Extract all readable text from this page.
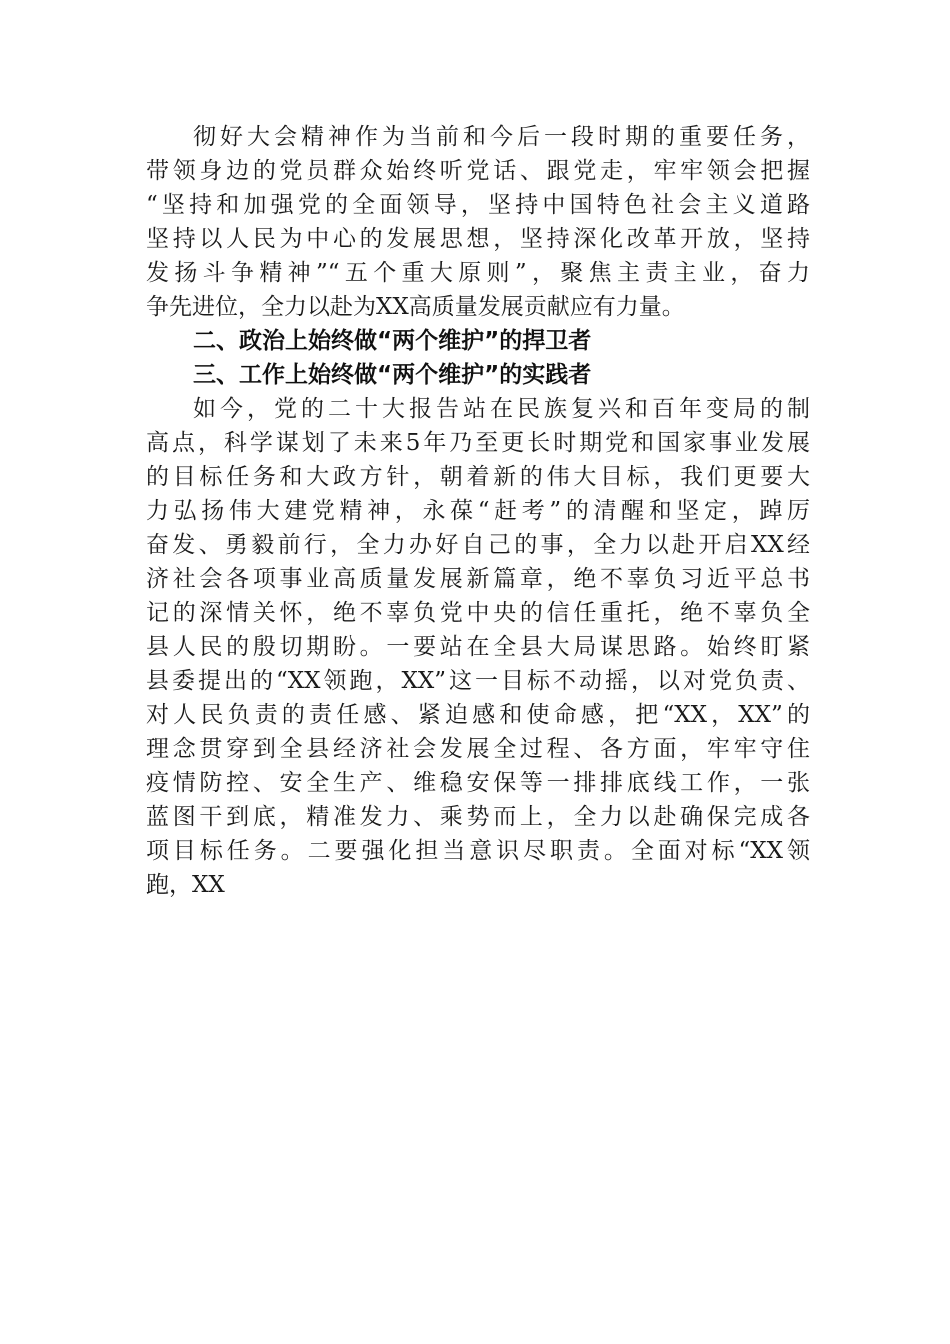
彻好大会精神作为当前和今后一段时期的重要任务，
带领身边的党员群众始终听党话、跟党走，牢牢领会把握
“坚持和加强党的全面领导，坚持中国特色社会主义道路
坚持以人民为中心的发展思想，坚持深化改革开放，坚持
发扬斗争精神”“五个重大原则”，聚焦主责主业，奋力
争先进位，全力以赴为XX高质量发展贡献应有力量。
二、政治上始终做“两个维护”的捍卫者
三、工作上始终做“两个维护”的实践者
如今，党的二十大报告站在民族复兴和百年变局的制
高点，科学谋划了未来5年乃至更长时期党和国家事业发展
的目标任务和大政方针，朝着新的伟大目标，我们更要大
力弘扬伟大建党精神，永葆“赶考”的清醒和坚定，踔厉
奋发、勇毅前行，全力办好自己的事，全力以赴开启XX经
济社会各项事业高质量发展新篇章，绝不辜负习近平总书
记的深情关怀，绝不辜负党中央的信任重托，绝不辜负全
县人民的殷切期盼。一要站在全县大局谋思路。始终盯紧
县委提出的“XX领跑，XX”这一目标不动摇，以对党负责、
对人民负责的责任感、紧迫感和使命感，把“XX，XX”的
理念贯穿到全县经济社会发展全过程、各方面，牢牢守住
疫情防控、安全生产、维稳安保等一排排底线工作，一张
蓝图干到底，精准发力、乘势而上，全力以赴确保完成各
项目标任务。二要强化担当意识尽职责。全面对标“XX领
跑，XX
